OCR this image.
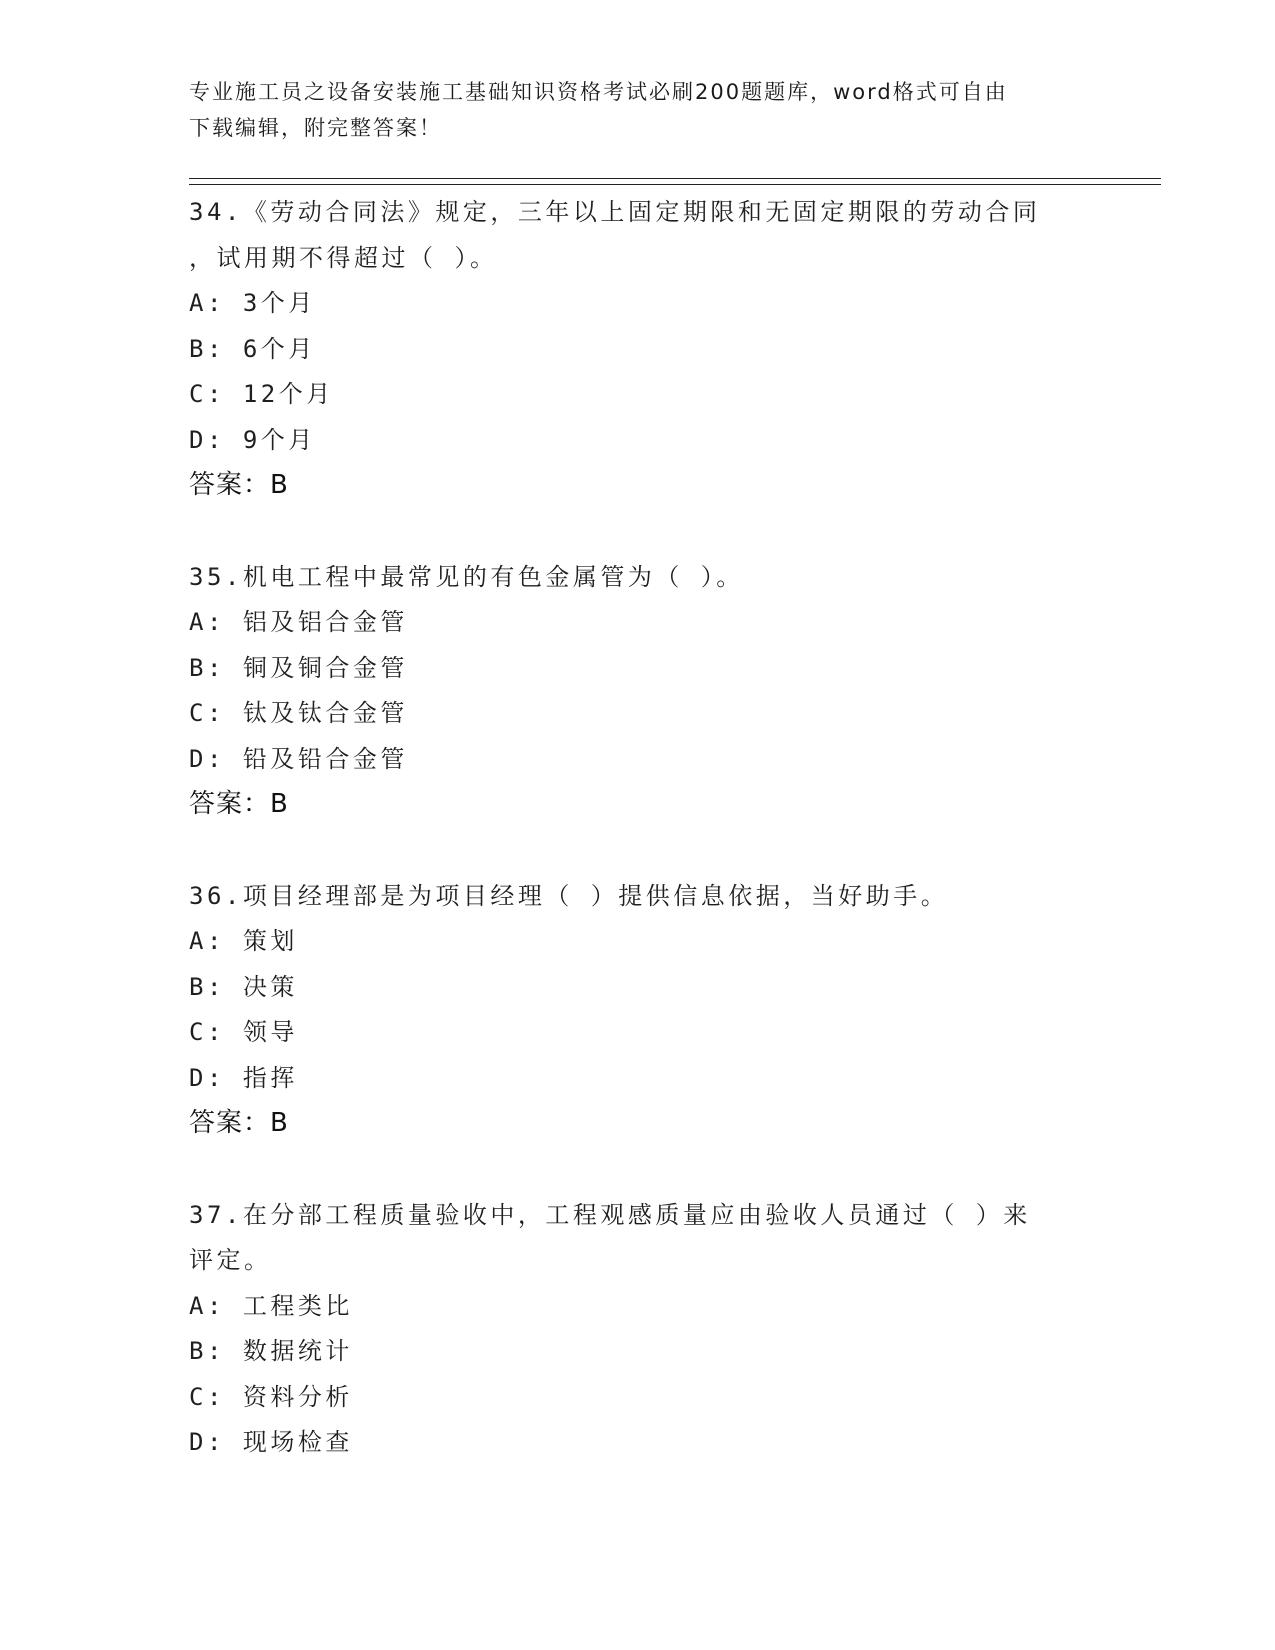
专业施工员之设备安装施工基础知识资格考试必刷200题题库，word格式可自由
下载编辑，附完整答案！
34.《劳动合同法》规定，三年以上固定期限和无固定期限的劳动合同
，试用期不得超过（ ）。
A: 3个月
B: 6个月
C: 12个月
D: 9个月
答案：B
35.机电工程中最常见的有色金属管为（ ）。
A: 铝及铝合金管
B: 铜及铜合金管
C: 钛及钛合金管
D: 铅及铅合金管
答案：B
36.项目经理部是为项目经理（ ）提供信息依据，当好助手。
A: 策划
B: 决策
C: 领导
D: 指挥
答案：B
37.在分部工程质量验收中，工程观感质量应由验收人员通过（ ）来
评定。
A: 工程类比
B: 数据统计
C: 资料分析
D: 现场检查
